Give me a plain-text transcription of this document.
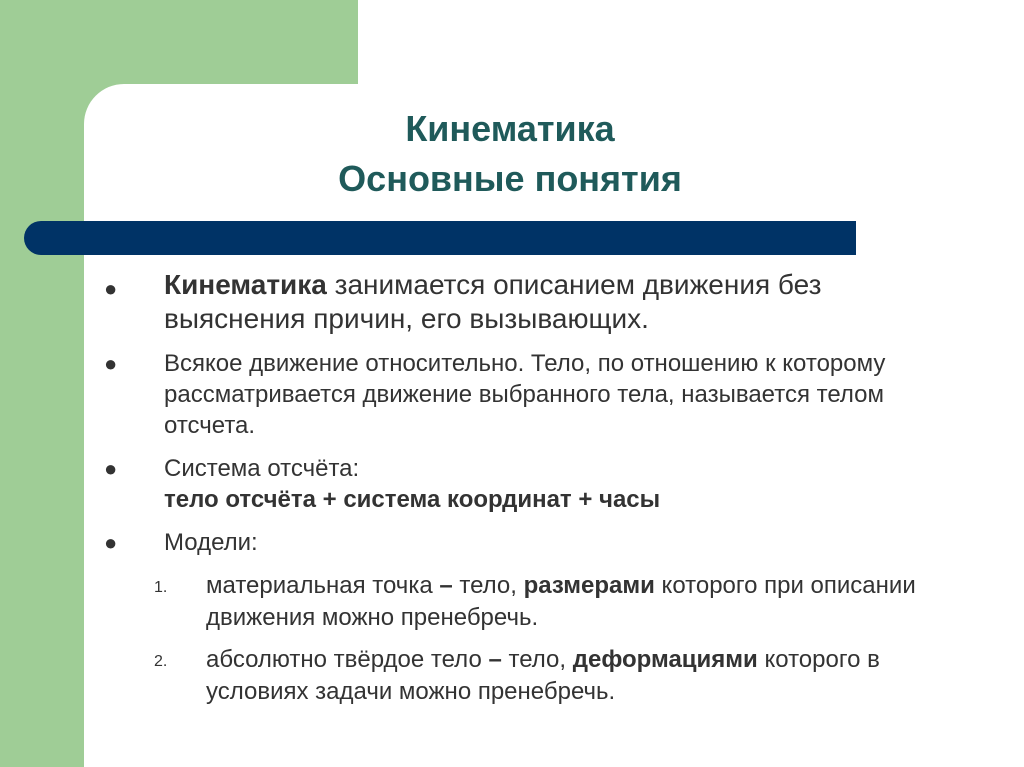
Кинематика
Основные понятия
● Кинематика занимается описанием движения без выяснения причин, его вызывающих.
● Всякое движение относительно. Тело, по отношению к которому рассматривается движение выбранного тела, называется телом отсчета.
● Система отсчёта:
тело отсчёта + система координат + часы
● Модели:
1. материальная точка – тело, размерами которого при описании движения можно пренебречь.
2. абсолютно твёрдое тело – тело, деформациями которого в условиях задачи можно пренебречь.
